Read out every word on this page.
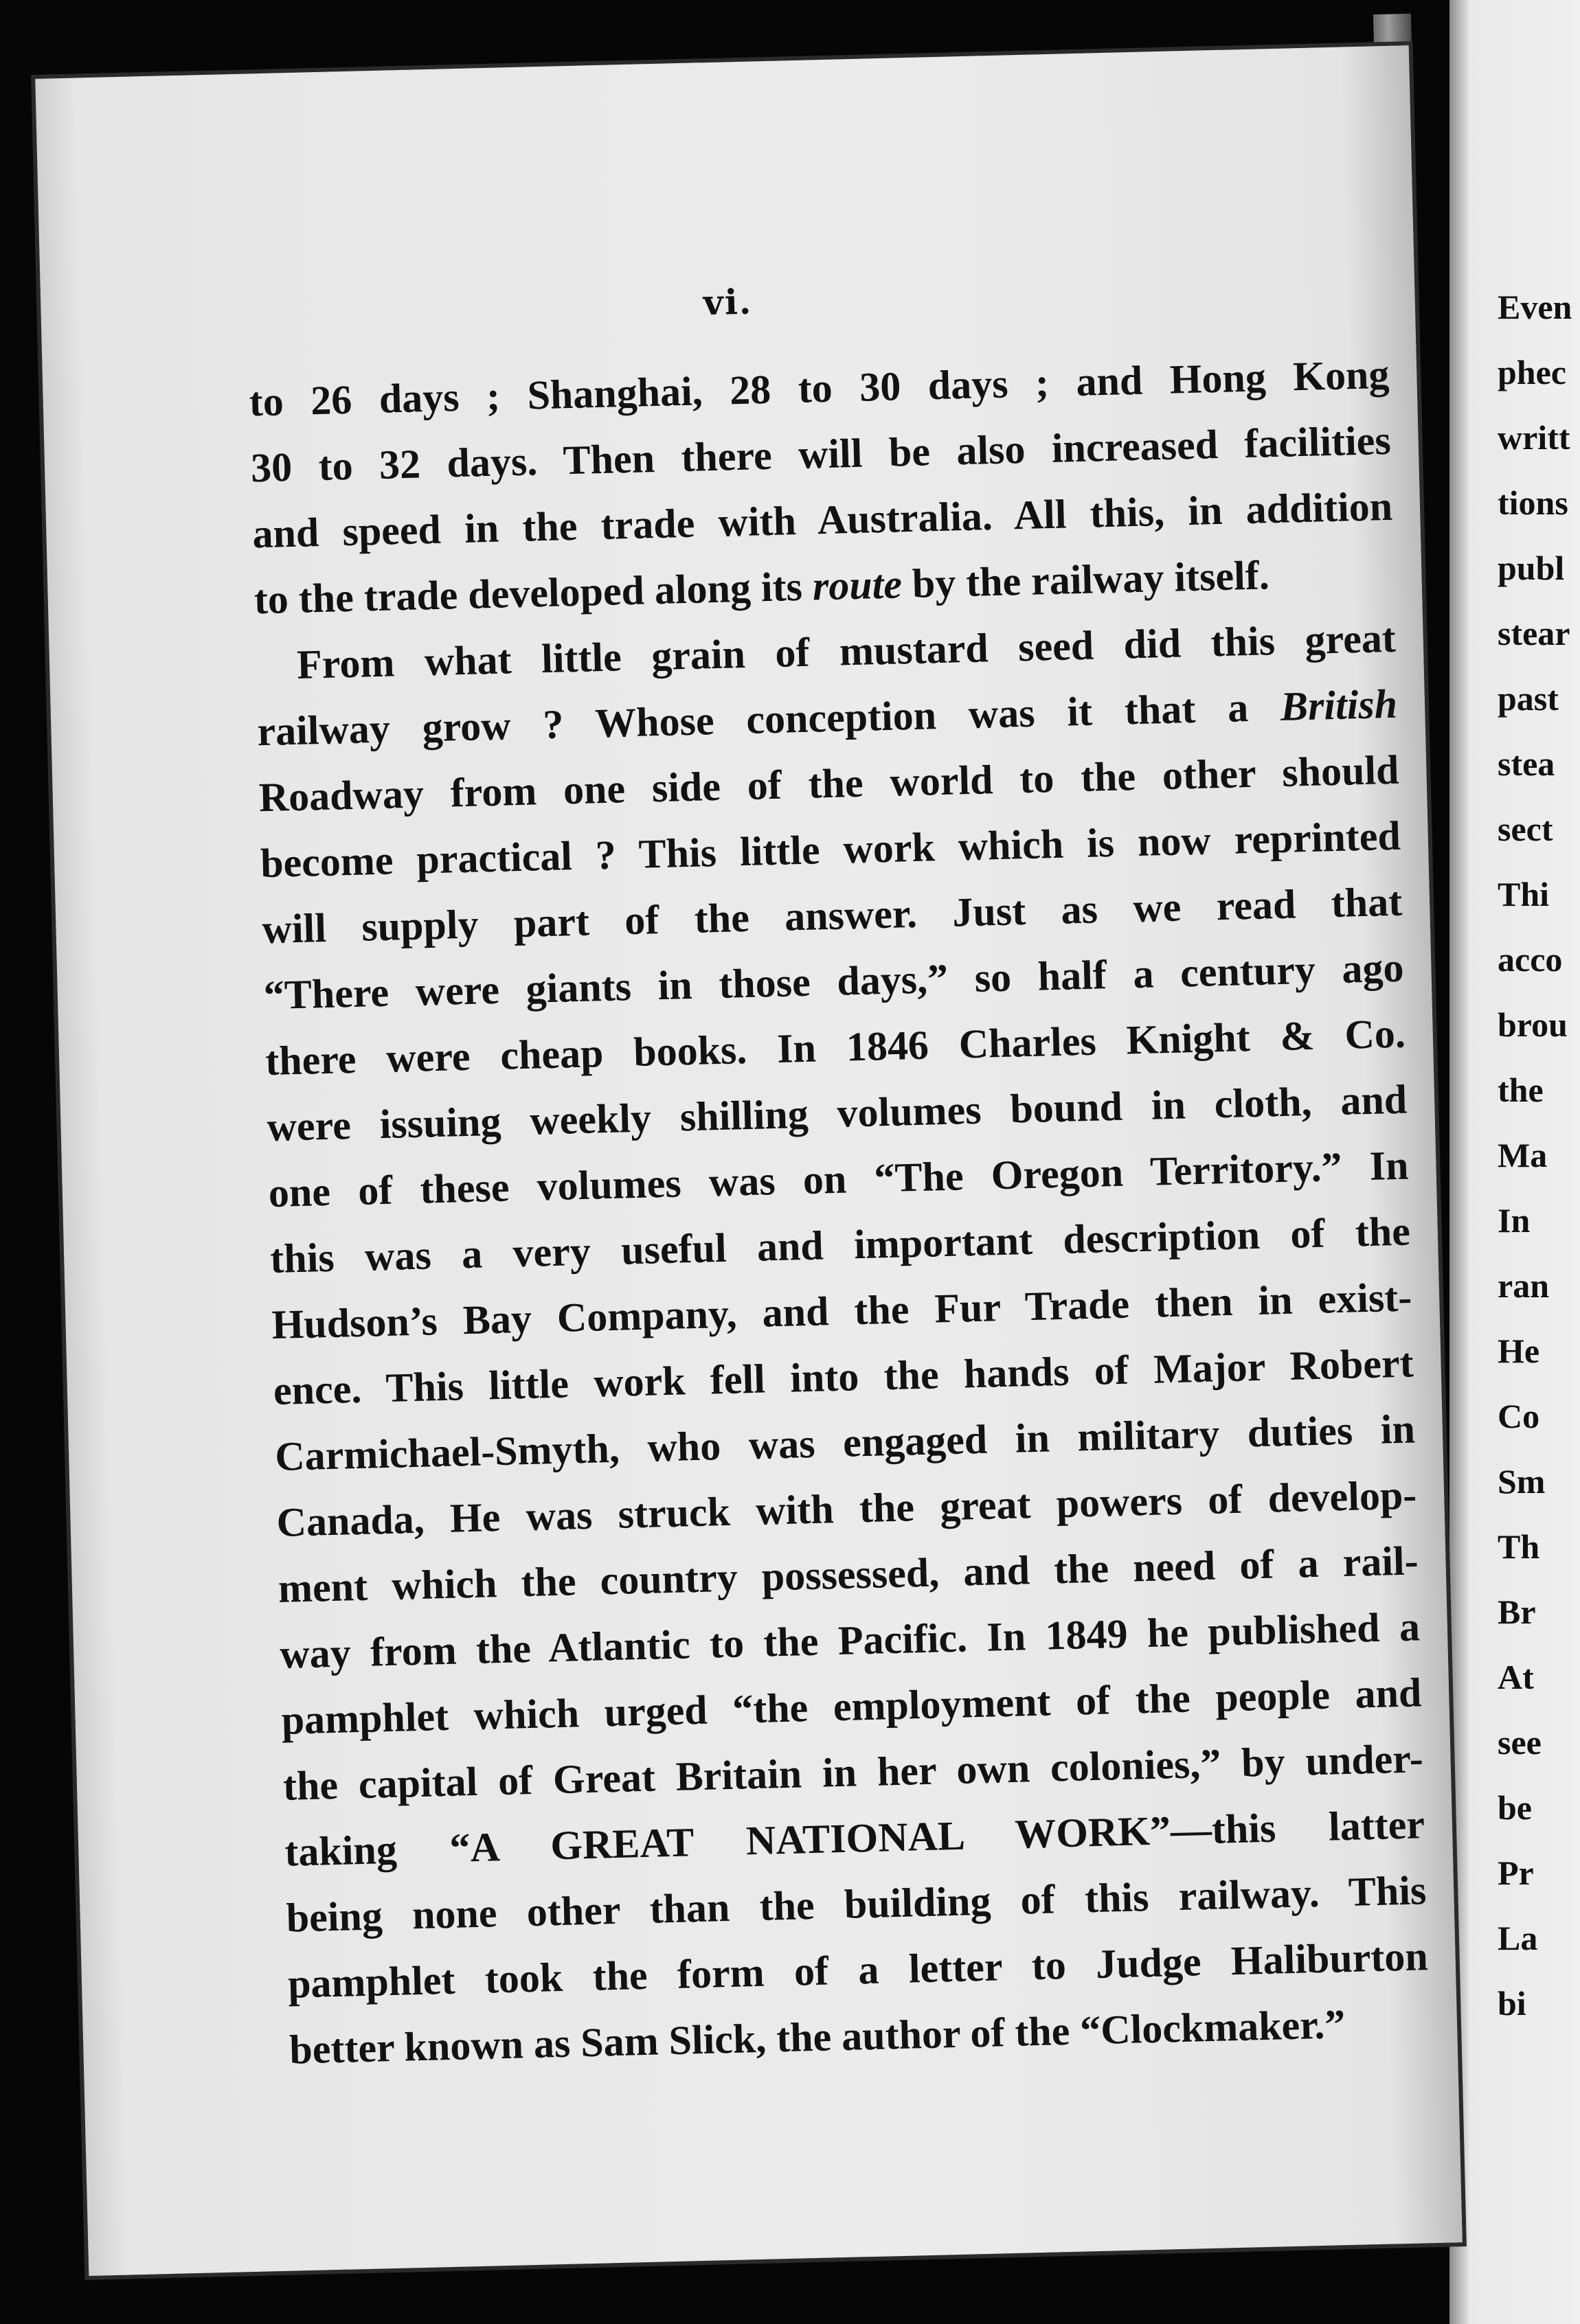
Even
phec
writt
tions
publ
stear
past
stea
sect
Thi
acco
brou
the
Ma
In
ran
He
Co
Sm
Th
Br
At
see
be
Pr
La
bi
vi.
to 26 days ; Shanghai, 28 to 30 days ; and Hong Kong
30 to 32 days. Then there will be also increased facilities
and speed in the trade with Australia. All this, in addition
to the trade developed along its route by the railway itself.
From what little grain of mustard seed did this great
railway grow ? Whose conception was it that a British
Roadway from one side of the world to the other should
become practical ? This little work which is now reprinted
will supply part of the answer. Just as we read that
“There were giants in those days,” so half a century ago
there were cheap books. In 1846 Charles Knight & Co.
were issuing weekly shilling volumes bound in cloth, and
one of these volumes was on “The Oregon Territory.” In
this was a very useful and important description of the
Hudson’s Bay Company, and the Fur Trade then in exist-
ence. This little work fell into the hands of Major Robert
Carmichael-Smyth, who was engaged in military duties in
Canada, He was struck with the great powers of develop-
ment which the country possessed, and the need of a rail-
way from the Atlantic to the Pacific. In 1849 he published a
pamphlet which urged “the employment of the people and
the capital of Great Britain in her own colonies,” by under-
taking “A GREAT NATIONAL WORK”—this latter
being none other than the building of this railway. This
pamphlet took the form of a letter to Judge Haliburton
better known as Sam Slick, the author of the “Clockmaker.”
